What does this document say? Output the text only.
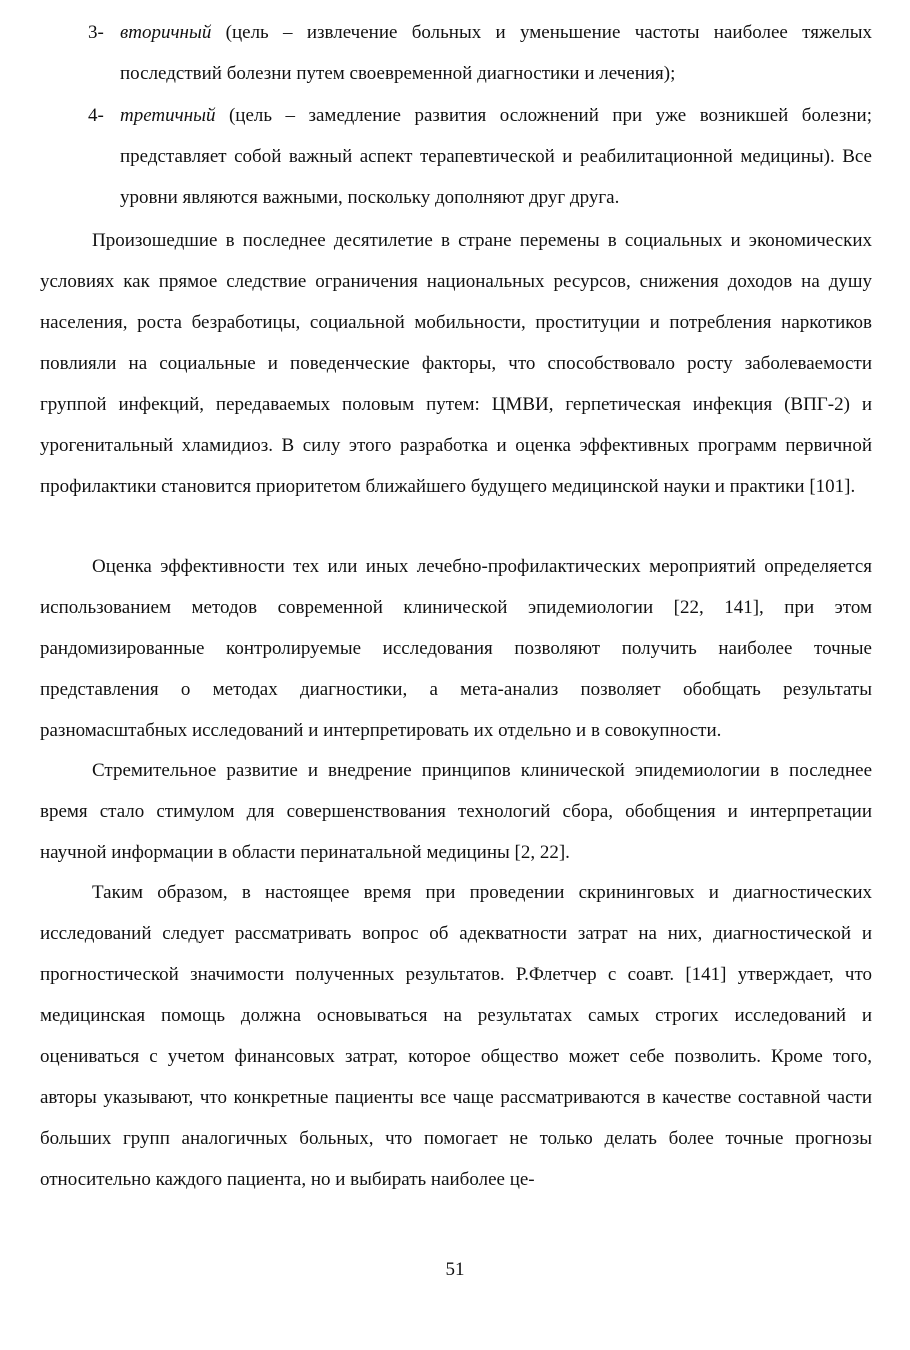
3- вторичный (цель – извлечение больных и уменьшение частоты наиболее тяжелых последствий болезни путем своевременной диагностики и лечения);
4- третичный (цель – замедление развития осложнений при уже возникшей болезни; представляет собой важный аспект терапевтической и реабилитационной медицины). Все уровни являются важными, поскольку дополняют друг друга.

Произошедшие в последнее десятилетие в стране перемены в социальных и экономических условиях как прямое следствие ограничения национальных ресурсов, снижения доходов на душу населения, роста безработицы, социальной мобильности, проституции и потребления наркотиков повлияли на социальные и поведенческие факторы, что способствовало росту заболеваемости группой инфекций, передаваемых половым путем: ЦМВИ, герпетическая инфекция (ВПГ-2) и урогенитальный хламидиоз. В силу этого разработка и оценка эффективных программ первичной профилактики становится приоритетом ближайшего будущего медицинской науки и практики [101].

Оценка эффективности тех или иных лечебно-профилактических мероприятий определяется использованием методов современной клинической эпидемиологии [22, 141], при этом рандомизированные контролируемые исследования позволяют получить наиболее точные представления о методах диагностики, а мета-анализ позволяет обобщать результаты разномасштабных исследований и интерпретировать их отдельно и в совокупности.

Стремительное развитие и внедрение принципов клинической эпидемиологии в последнее время стало стимулом для совершенствования технологий сбора, обобщения и интерпретации научной информации в области перинатальной медицины [2, 22].

Таким образом, в настоящее время при проведении скрининговых и диагностических исследований следует рассматривать вопрос об адекватности затрат на них, диагностической и прогностической значимости полученных результатов. Р.Флетчер с соавт. [141] утверждает, что медицинская помощь должна основываться на результатах самых строгих исследований и оцениваться с учетом финансовых затрат, которое общество может себе позволить. Кроме того, авторы указывают, что конкретные пациенты все чаще рассматриваются в качестве составной части больших групп аналогичных больных, что помогает не только делать более точные прогнозы относительно каждого пациента, но и выбирать наиболее це-

51
